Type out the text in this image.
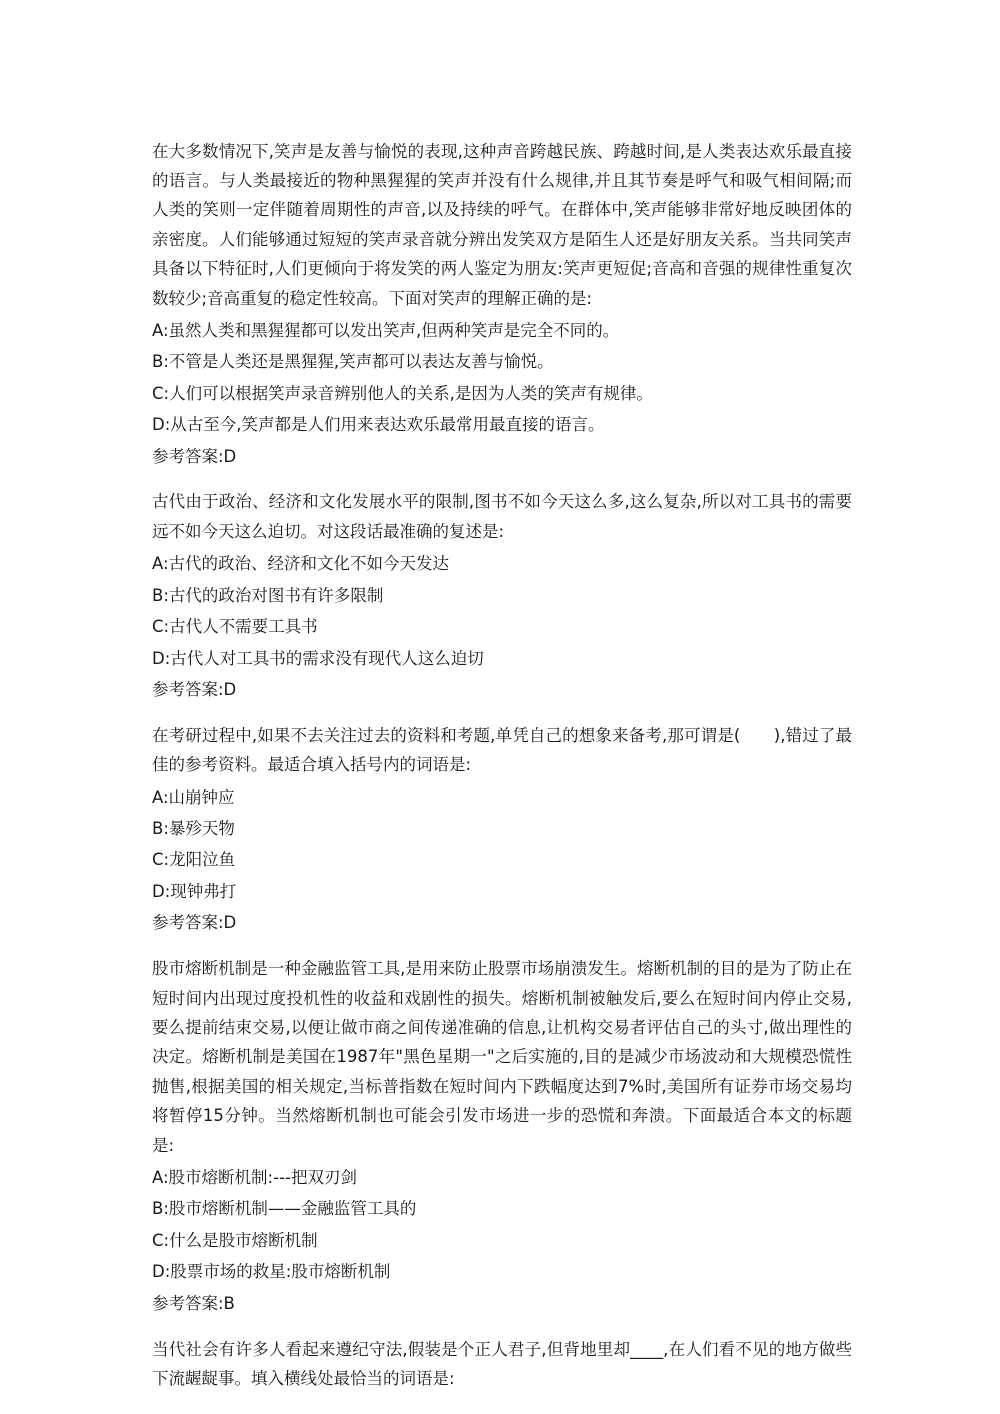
在大多数情况下,笑声是友善与愉悦的表现,这种声音跨越民族、跨越时间,是人类表达欢乐最直接的语言。与人类最接近的物种黑猩猩的笑声并没有什么规律,并且其节奏是呼气和吸气相间隔;而人类的笑则一定伴随着周期性的声音,以及持续的呼气。在群体中,笑声能够非常好地反映团体的亲密度。人们能够通过短短的笑声录音就分辨出发笑双方是陌生人还是好朋友关系。当共同笑声具备以下特征时,人们更倾向于将发笑的两人鉴定为朋友:笑声更短促;音高和音强的规律性重复次数较少;音高重复的稳定性较高。下面对笑声的理解正确的是:

A:虽然人类和黑猩猩都可以发出笑声,但两种笑声是完全不同的。
B:不管是人类还是黑猩猩,笑声都可以表达友善与愉悦。
C:人们可以根据笑声录音辨别他人的关系,是因为人类的笑声有规律。
D:从古至今,笑声都是人们用来表达欢乐最常用最直接的语言。
参考答案:D

古代由于政治、经济和文化发展水平的限制,图书不如今天这么多,这么复杂,所以对工具书的需要远不如今天这么迫切。对这段话最准确的复述是:

A:古代的政治、经济和文化不如今天发达
B:古代的政治对图书有许多限制
C:古代人不需要工具书
D:古代人对工具书的需求没有现代人这么迫切
参考答案:D

在考研过程中,如果不去关注过去的资料和考题,单凭自己的想象来备考,那可谓是(　　),错过了最佳的参考资料。最适合填入括号内的词语是:

A:山崩钟应
B:暴殄天物
C:龙阳泣鱼
D:现钟弗打
参考答案:D

股市熔断机制是一种金融监管工具,是用来防止股票市场崩溃发生。熔断机制的目的是为了防止在短时间内出现过度投机性的收益和戏剧性的损失。熔断机制被触发后,要么在短时间内停止交易,要么提前结束交易,以便让做市商之间传递准确的信息,让机构交易者评估自己的头寸,做出理性的决定。熔断机制是美国在1987年"黑色星期一"之后实施的,目的是减少市场波动和大规模恐慌性抛售,根据美国的相关规定,当标普指数在短时间内下跌幅度达到7%时,美国所有证券市场交易均将暂停15分钟。当然熔断机制也可能会引发市场进一步的恐慌和奔溃。下面最适合本文的标题是:

A:股市熔断机制:---把双刃剑
B:股市熔断机制——金融监管工具的
C:什么是股市熔断机制
D:股票市场的救星:股市熔断机制
参考答案:B

当代社会有许多人看起来遵纪守法,假装是个正人君子,但背地里却____,在人们看不见的地方做些下流龌龊事。填入横线处最恰当的词语是:
